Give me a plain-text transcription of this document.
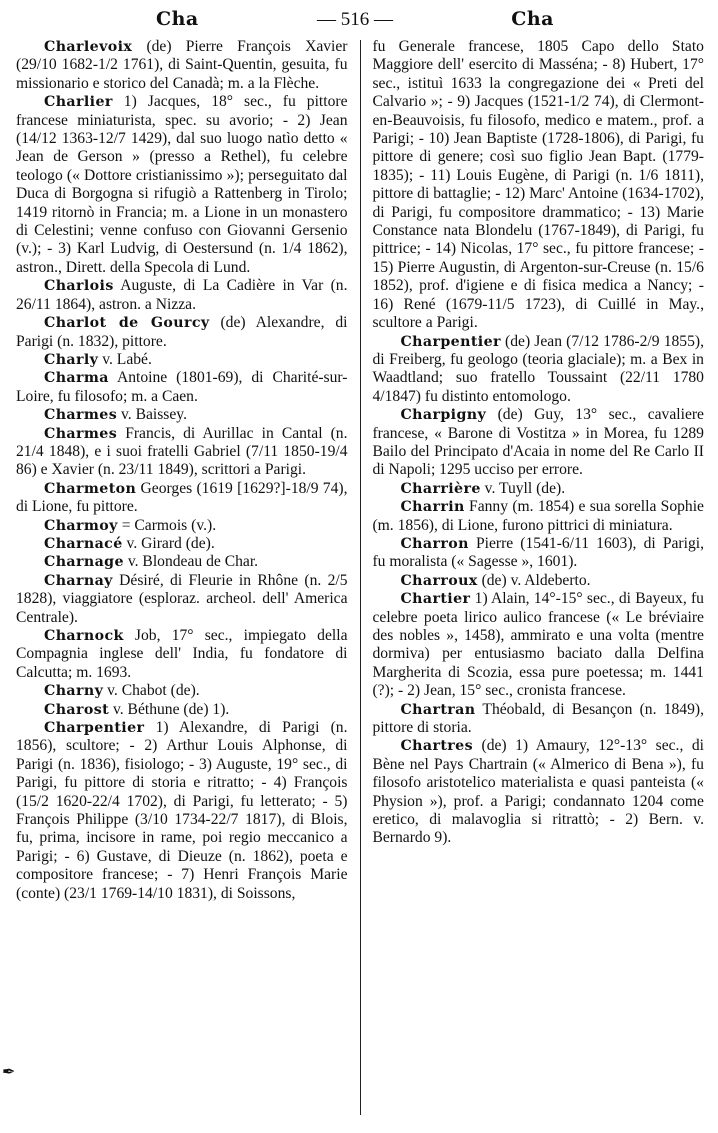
Cha	— 516 —	Cha

Charlevoix (de) Pierre François Xavier (29/10 1682-1/2 1761), di Saint-Quentin, gesuita, fu missionario e storico del Canadà; m. a la Flèche.

Charlier 1) Jacques, 18° sec., fu pittore francese miniaturista, spec. su avorio; - 2) Jean (14/12 1363-12/7 1429), dal suo luogo natìo detto « Jean de Gerson » (presso a Rethel), fu celebre teologo (« Dottore cristianissimo »); perseguitato dal Duca di Borgogna si rifugiò a Rattenberg in Tirolo; 1419 ritornò in Francia; m. a Lione in un monastero di Celestini; venne confuso con Giovanni Gersenio (v.); - 3) Karl Ludvig, di Oestersund (n. 1/4 1862), astron., Dirett. della Specola di Lund.

Charlois Auguste, di La Cadière in Var (n. 26/11 1864), astron. a Nizza.

Charlot de Gourcy (de) Alexandre, di Parigi (n. 1832), pittore.

Charly v. Labé.

Charma Antoine (1801-69), di Charité-sur-Loire, fu filosofo; m. a Caen.

Charmes v. Baissey.

Charmes Francis, di Aurillac in Cantal (n. 21/4 1848), e i suoi fratelli Gabriel (7/11 1850-19/4 86) e Xavier (n. 23/11 1849), scrittori a Parigi.

Charmeton Georges (1619 [1629?]-18/9 74), di Lione, fu pittore.

Charmoy = Carmois (v.).

Charnacé v. Girard (de).

Charnage v. Blondeau de Char.

Charnay Désiré, di Fleurie in Rhône (n. 2/5 1828), viaggiatore (esploraz. archeol. dell' America Centrale).

Charnock Job, 17° sec., impiegato della Compagnia inglese dell' India, fu fondatore di Calcutta; m. 1693.

Charny v. Chabot (de).

Charost v. Béthune (de) 1).

Charpentier 1) Alexandre, di Parigi (n. 1856), scultore; - 2) Arthur Louis Alphonse, di Parigi (n. 1836), fisiologo; - 3) Auguste, 19° sec., di Parigi, fu pittore di storia e ritratto; - 4) François (15/2 1620-22/4 1702), di Parigi, fu letterato; - 5) François Philippe (3/10 1734-22/7 1817), di Blois, fu, prima, incisore in rame, poi regio meccanico a Parigi; - 6) Gustave, di Dieuze (n. 1862), poeta e compositore francese; - 7) Henri François Marie (conte) (23/1 1769-14/10 1831), di Soissons,

fu Generale francese, 1805 Capo dello Stato Maggiore dell' esercito di Masséna; - 8) Hubert, 17° sec., istituì 1633 la congregazione dei « Preti del Calvario »; - 9) Jacques (1521-1/2 74), di Clermont-en-Beauvoisis, fu filosofo, medico e matem., prof. a Parigi; - 10) Jean Baptiste (1728-1806), di Parigi, fu pittore di genere; così suo figlio Jean Bapt. (1779-1835); - 11) Louis Eugène, di Parigi (n. 1/6 1811), pittore di battaglie; - 12) Marc' Antoine (1634-1702), di Parigi, fu compositore drammatico; - 13) Marie Constance nata Blondelu (1767-1849), di Parigi, fu pittrice; - 14) Nicolas, 17° sec., fu pittore francese; - 15) Pierre Augustin, di Argenton-sur-Creuse (n. 15/6 1852), prof. d'igiene e di fisica medica a Nancy; - 16) René (1679-11/5 1723), di Cuillé in May., scultore a Parigi.

Charpentier (de) Jean (7/12 1786-2/9 1855), di Freiberg, fu geologo (teoria glaciale); m. a Bex in Waadtland; suo fratello Toussaint (22/11 1780 4/1847) fu distinto entomologo.

Charpigny (de) Guy, 13° sec., cavaliere francese, « Barone di Vostitza » in Morea, fu 1289 Bailo del Principato d'Acaia in nome del Re Carlo II di Napoli; 1295 ucciso per errore.

Charrière v. Tuyll (de).

Charrin Fanny (m. 1854) e sua sorella Sophie (m. 1856), di Lione, furono pittrici di miniatura.

Charron Pierre (1541-6/11 1603), di Parigi, fu moralista (« Sagesse », 1601).

Charroux (de) v. Aldeberto.

Chartier 1) Alain, 14°-15° sec., di Bayeux, fu celebre poeta lirico aulico francese (« Le bréviaire des nobles », 1458), ammirato e una volta (mentre dormiva) per entusiasmo baciato dalla Delfina Margherita di Scozia, essa pure poetessa; m. 1441 (?); - 2) Jean, 15° sec., cronista francese.

Chartran Théobald, di Besançon (n. 1849), pittore di storia.

Chartres (de) 1) Amaury, 12°-13° sec., di Bène nel Pays Chartrain (« Almerico di Bena »), fu filosofo aristotelico materialista e quasi panteista (« Physion »), prof. a Parigi; condannato 1204 come eretico, di malavoglia si ritrattò; - 2) Bern. v. Bernardo 9).

✒
